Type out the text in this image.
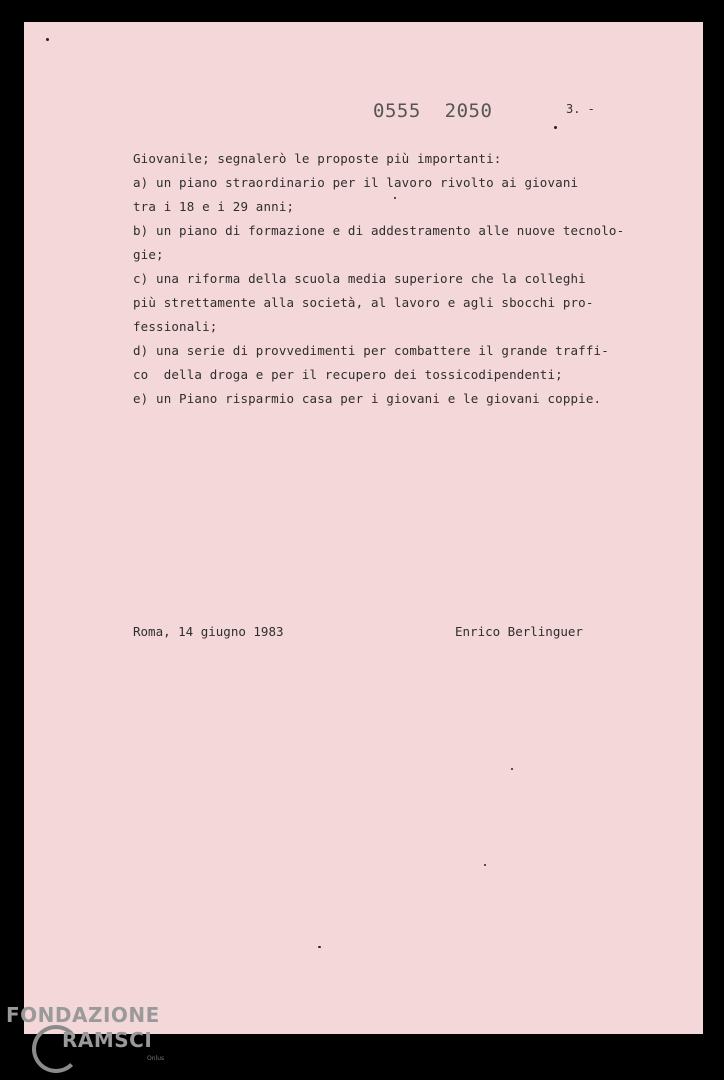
0555  2050	3. -
Giovanile; segnalerò le proposte più importanti:
a) un piano straordinario per il lavoro rivolto ai giovani
tra i 18 e i 29 anni;
b) un piano di formazione e di addestramento alle nuove tecnolo-
gie;
c) una riforma della scuola media superiore che la colleghi
più strettamente alla società, al lavoro e agli sbocchi pro-
fessionali;
d) una serie di provvedimenti per combattere il grande traffi-
co  della droga e per il recupero dei tossicodipendenti;
e) un Piano risparmio casa per i giovani e le giovani coppie.
Roma, 14 giugno 1983	Enrico Berlinguer
FONDAZIONE
RAMSCI
Onlus
